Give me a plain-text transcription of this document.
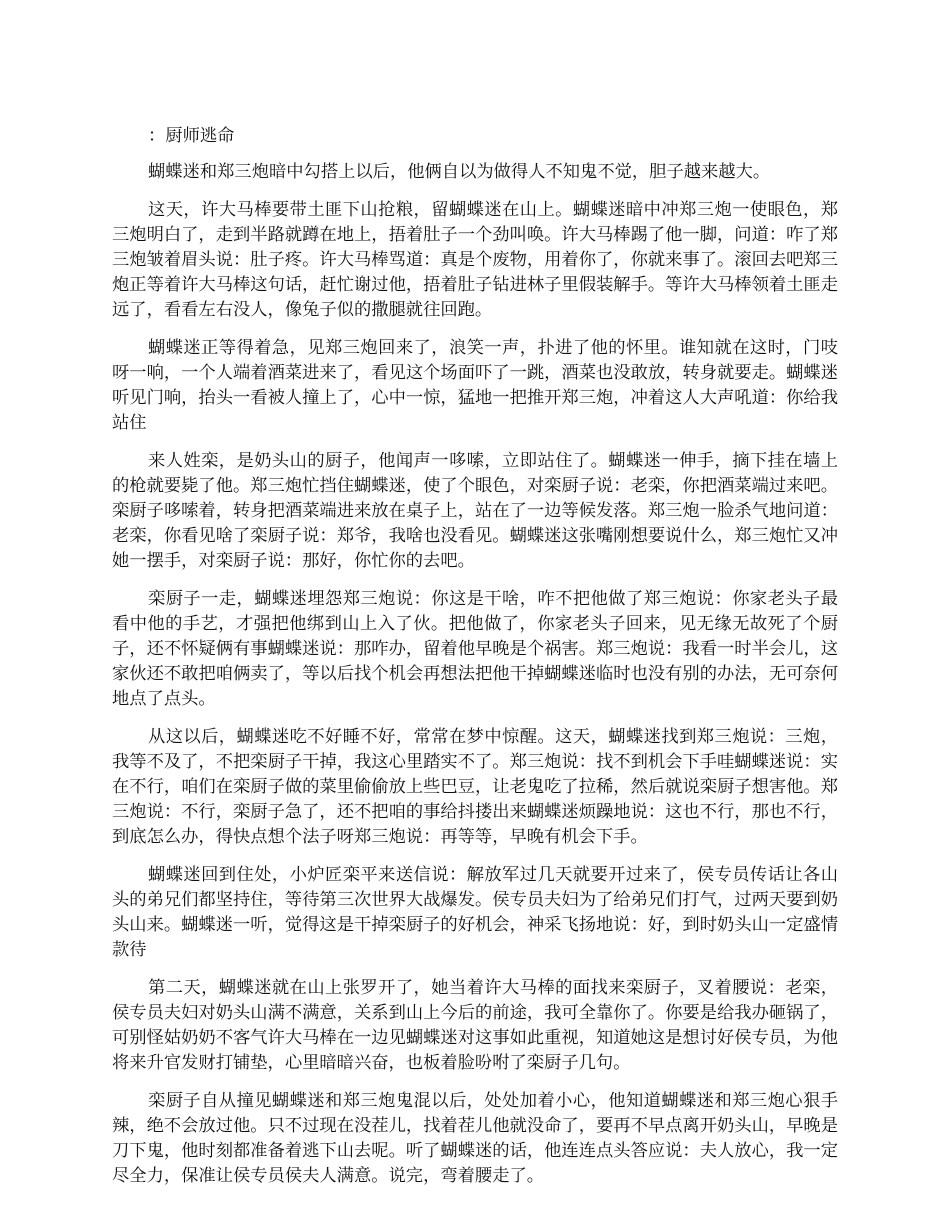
：厨师逃命

蝴蝶迷和郑三炮暗中勾搭上以后，他俩自以为做得人不知鬼不觉，胆子越来越大。

这天，许大马棒要带土匪下山抢粮，留蝴蝶迷在山上。蝴蝶迷暗中冲郑三炮一使眼色，郑三炮明白了，走到半路就蹲在地上，捂着肚子一个劲叫唤。许大马棒踢了他一脚，问道：咋了郑三炮皱着眉头说：肚子疼。许大马棒骂道：真是个废物，用着你了，你就来事了。滚回去吧郑三炮正等着许大马棒这句话，赶忙谢过他，捂着肚子钻进林子里假装解手。等许大马棒领着土匪走远了，看看左右没人，像兔子似的撒腿就往回跑。

蝴蝶迷正等得着急，见郑三炮回来了，浪笑一声，扑进了他的怀里。谁知就在这时，门吱呀一响，一个人端着酒菜进来了，看见这个场面吓了一跳，酒菜也没敢放，转身就要走。蝴蝶迷听见门响，抬头一看被人撞上了，心中一惊，猛地一把推开郑三炮，冲着这人大声吼道：你给我站住

来人姓栾，是奶头山的厨子，他闻声一哆嗦，立即站住了。蝴蝶迷一伸手，摘下挂在墙上的枪就要毙了他。郑三炮忙挡住蝴蝶迷，使了个眼色，对栾厨子说：老栾，你把酒菜端过来吧。栾厨子哆嗦着，转身把酒菜端进来放在桌子上，站在了一边等候发落。郑三炮一脸杀气地问道：老栾，你看见啥了栾厨子说：郑爷，我啥也没看见。蝴蝶迷这张嘴刚想要说什么，郑三炮忙又冲她一摆手，对栾厨子说：那好，你忙你的去吧。

栾厨子一走，蝴蝶迷埋怨郑三炮说：你这是干啥，咋不把他做了郑三炮说：你家老头子最看中他的手艺，才强把他绑到山上入了伙。把他做了，你家老头子回来，见无缘无故死了个厨子，还不怀疑俩有事蝴蝶迷说：那咋办，留着他早晚是个祸害。郑三炮说：我看一时半会儿，这家伙还不敢把咱俩卖了，等以后找个机会再想法把他干掉蝴蝶迷临时也没有别的办法，无可奈何地点了点头。

从这以后，蝴蝶迷吃不好睡不好，常常在梦中惊醒。这天，蝴蝶迷找到郑三炮说：三炮，我等不及了，不把栾厨子干掉，我这心里踏实不了。郑三炮说：找不到机会下手哇蝴蝶迷说：实在不行，咱们在栾厨子做的菜里偷偷放上些巴豆，让老鬼吃了拉稀，然后就说栾厨子想害他。郑三炮说：不行，栾厨子急了，还不把咱的事给抖搂出来蝴蝶迷烦躁地说：这也不行，那也不行，到底怎么办，得快点想个法子呀郑三炮说：再等等，早晚有机会下手。

蝴蝶迷回到住处，小炉匠栾平来送信说：解放军过几天就要开过来了，侯专员传话让各山头的弟兄们都坚持住，等待第三次世界大战爆发。侯专员夫妇为了给弟兄们打气，过两天要到奶头山来。蝴蝶迷一听，觉得这是干掉栾厨子的好机会，神采飞扬地说：好，到时奶头山一定盛情款待

第二天，蝴蝶迷就在山上张罗开了，她当着许大马棒的面找来栾厨子，叉着腰说：老栾，侯专员夫妇对奶头山满不满意，关系到山上今后的前途，我可全靠你了。你要是给我办砸锅了，可别怪姑奶奶不客气许大马棒在一边见蝴蝶迷对这事如此重视，知道她这是想讨好侯专员，为他将来升官发财打铺垫，心里暗暗兴奋，也板着脸吩咐了栾厨子几句。

栾厨子自从撞见蝴蝶迷和郑三炮鬼混以后，处处加着小心，他知道蝴蝶迷和郑三炮心狠手辣，绝不会放过他。只不过现在没茬儿，找着茬儿他就没命了，要再不早点离开奶头山，早晚是刀下鬼，他时刻都准备着逃下山去呢。听了蝴蝶迷的话，他连连点头答应说：夫人放心，我一定尽全力，保准让侯专员侯夫人满意。说完，弯着腰走了。
